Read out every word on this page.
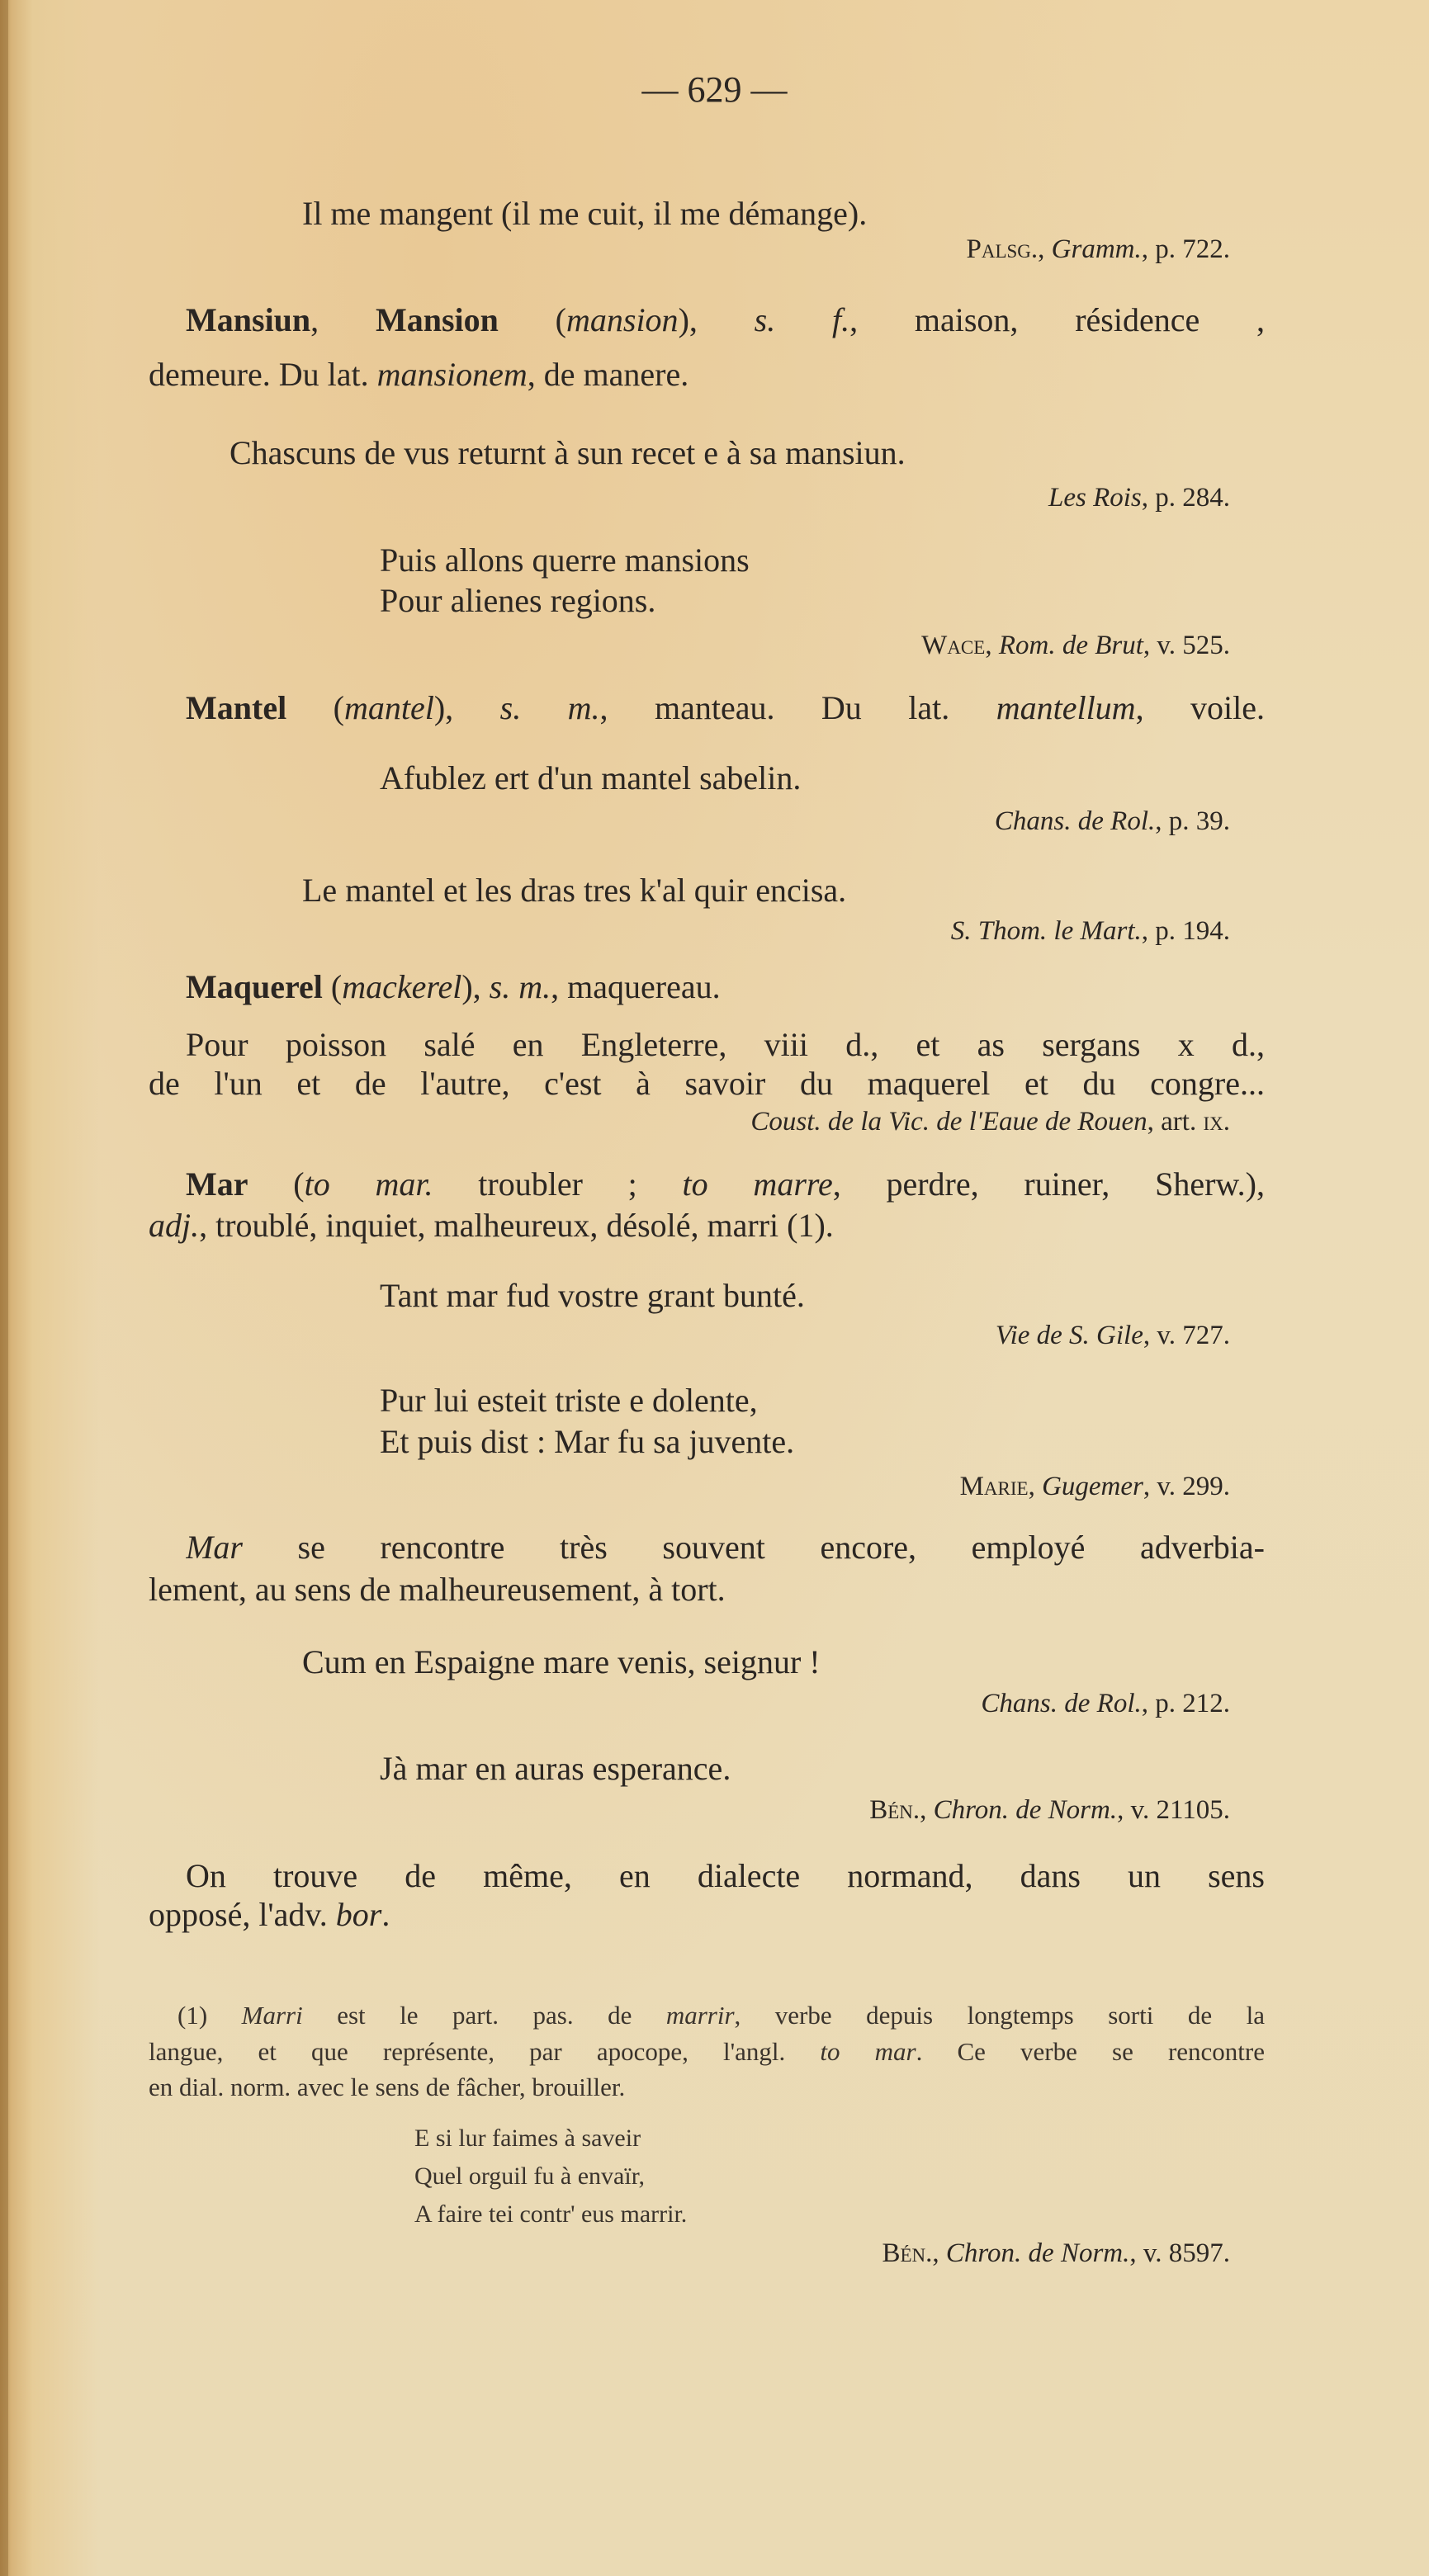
— 629 —
Il me mangent (il me cuit, il me démange).
Palsg., Gramm., p. 722.
Mansiun, Mansion (mansion), s. f., maison, résidence ,
demeure. Du lat. mansionem, de manere.
Chascuns de vus returnt à sun recet e à sa mansiun.
Les Rois, p. 284.
Puis allons querre mansions
Pour alienes regions.
Wace, Rom. de Brut, v. 525.
Mantel (mantel), s. m., manteau. Du lat. mantellum, voile.
Afublez ert d'un mantel sabelin.
Chans. de Rol., p. 39.
Le mantel et les dras tres k'al quir encisa.
S. Thom. le Mart., p. 194.
Maquerel (mackerel), s. m., maquereau.
Pour poisson salé en Engleterre, viii d., et as sergans x d.,
de l'un et de l'autre, c'est à savoir du maquerel et du congre...
Coust. de la Vic. de l'Eaue de Rouen, art. ix.
Mar (to mar. troubler ; to marre, perdre, ruiner, Sherw.),
adj., troublé, inquiet, malheureux, désolé, marri (1).
Tant mar fud vostre grant bunté.
Vie de S. Gile, v. 727.
Pur lui esteit triste e dolente,
Et puis dist : Mar fu sa juvente.
Marie, Gugemer, v. 299.
Mar se rencontre très souvent encore, employé adverbia-
lement, au sens de malheureusement, à tort.
Cum en Espaigne mare venis, seignur !
Chans. de Rol., p. 212.
Jà mar en auras esperance.
Bén., Chron. de Norm., v. 21105.
On trouve de même, en dialecte normand, dans un sens
opposé, l'adv. bor.
(1) Marri est le part. pas. de marrir, verbe depuis longtemps sorti de la
langue, et que représente, par apocope, l'angl. to mar. Ce verbe se rencontre
en dial. norm. avec le sens de fâcher, brouiller.
E si lur faimes à saveir
Quel orguil fu à envaïr,
A faire tei contr' eus marrir.
Bén., Chron. de Norm., v. 8597.
